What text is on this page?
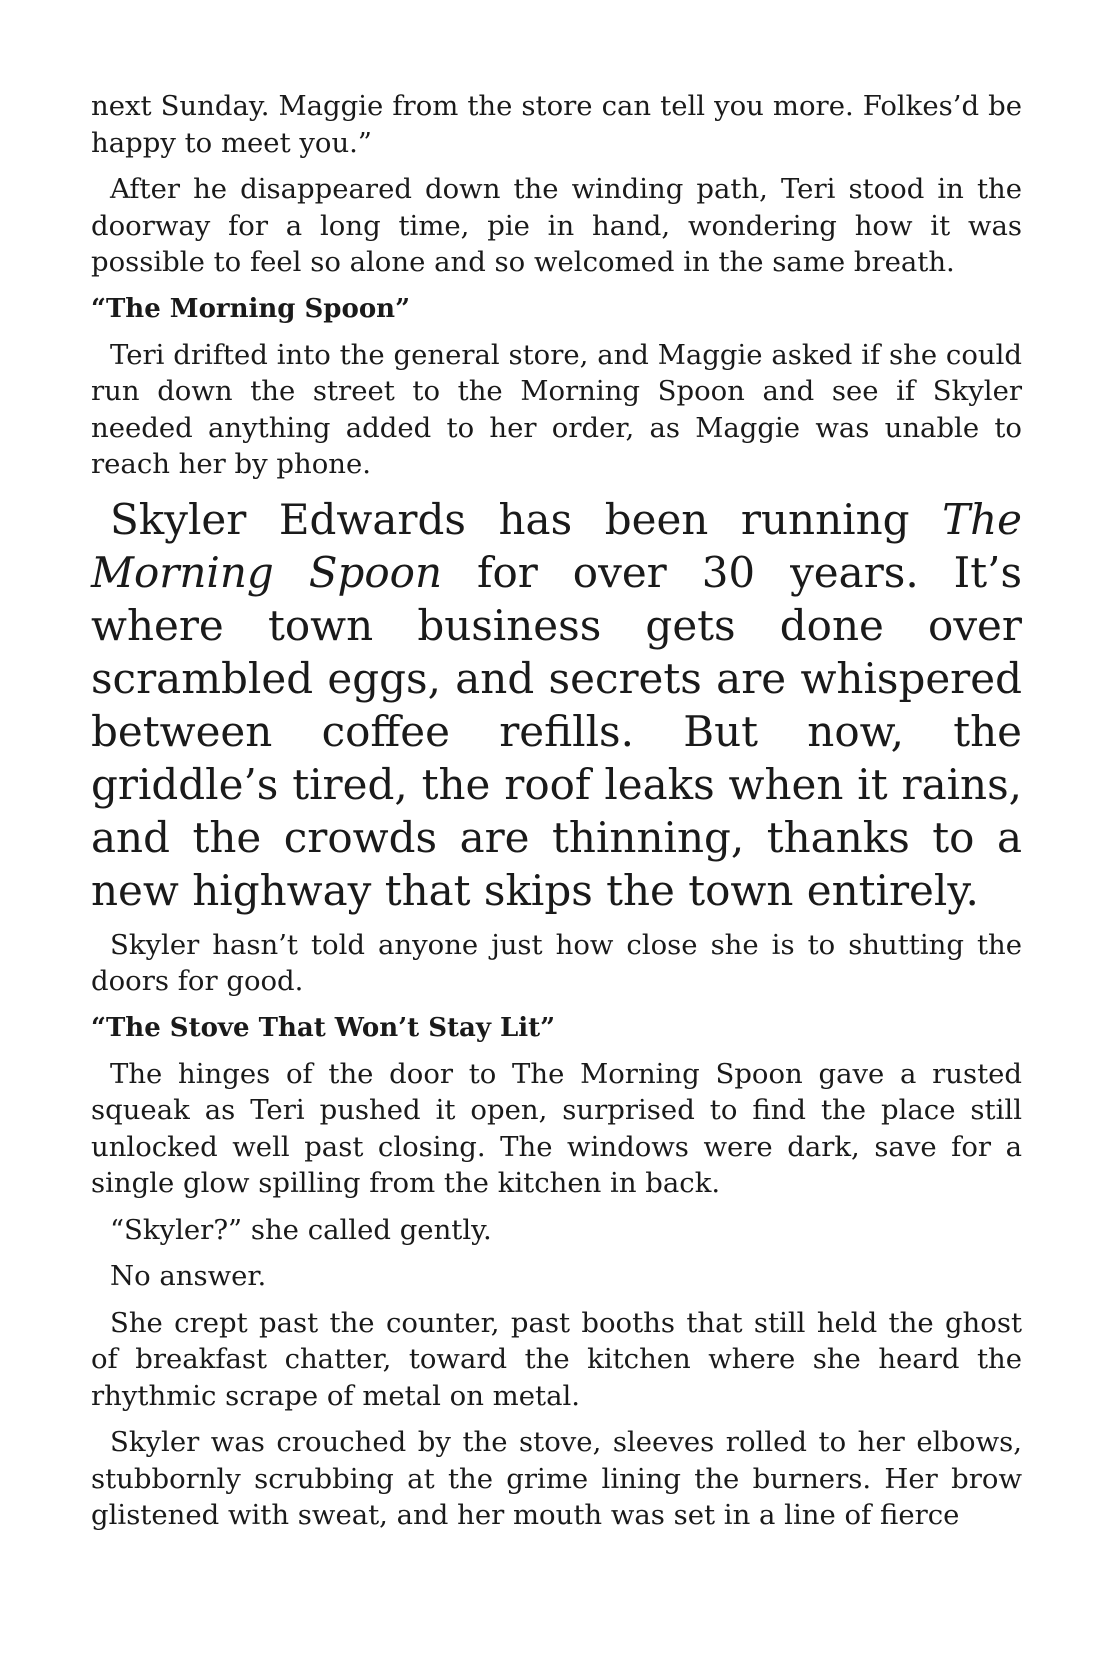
next Sunday. Maggie from the store can tell you more. Folkes’d be happy to meet you.”

After he disappeared down the winding path, Teri stood in the doorway for a long time, pie in hand, wondering how it was possible to feel so alone and so welcomed in the same breath.

“The Morning Spoon”

Teri drifted into the general store, and Maggie asked if she could run down the street to the Morning Spoon and see if Skyler needed anything added to her order, as Maggie was unable to reach her by phone.

Skyler Edwards has been running The Morning Spoon for over 30 years. It’s where town business gets done over scrambled eggs, and secrets are whispered between coffee refills. But now, the griddle’s tired, the roof leaks when it rains, and the crowds are thinning, thanks to a new highway that skips the town entirely.

Skyler hasn’t told anyone just how close she is to shutting the doors for good.

“The Stove That Won’t Stay Lit”

The hinges of the door to The Morning Spoon gave a rusted squeak as Teri pushed it open, surprised to find the place still unlocked well past closing. The windows were dark, save for a single glow spilling from the kitchen in back.

“Skyler?” she called gently.

No answer.

She crept past the counter, past booths that still held the ghost of breakfast chatter, toward the kitchen where she heard the rhythmic scrape of metal on metal.

Skyler was crouched by the stove, sleeves rolled to her elbows, stubbornly scrubbing at the grime lining the burners. Her brow glistened with sweat, and her mouth was set in a line of fierce
